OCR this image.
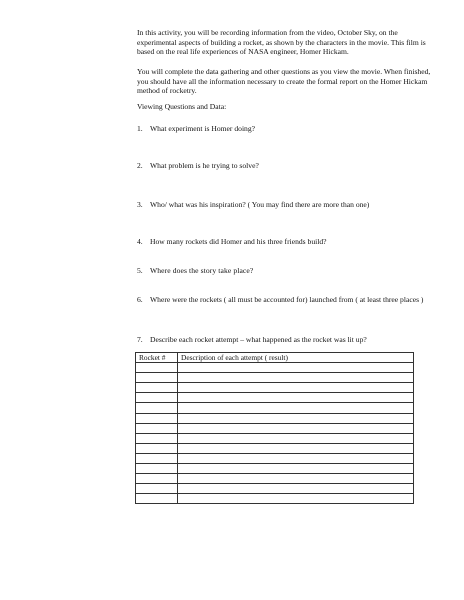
In this activity, you will be recording information from the video, October Sky, on the experimental aspects of building a rocket, as shown by the characters in the movie. This film is based on the real life experiences of NASA engineer, Homer Hickam.

You will complete the data gathering and other questions as you view the movie. When finished, you should have all the information necessary to create the formal report on the Homer Hickam method of rocketry.

Viewing Questions and Data:

1. What experiment is Homer doing?
2. What problem is he trying to solve?
3. Who/ what was his inspiration? ( You may find there are more than one)
4. How many rockets did Homer and his three friends build?
5. Where does the story take place?
6. Where were the rockets ( all must be accounted for) launched from ( at least three places )
7. Describe each rocket attempt – what happened as the rocket was lit up?
Rocket #	Description of each attempt ( result)
